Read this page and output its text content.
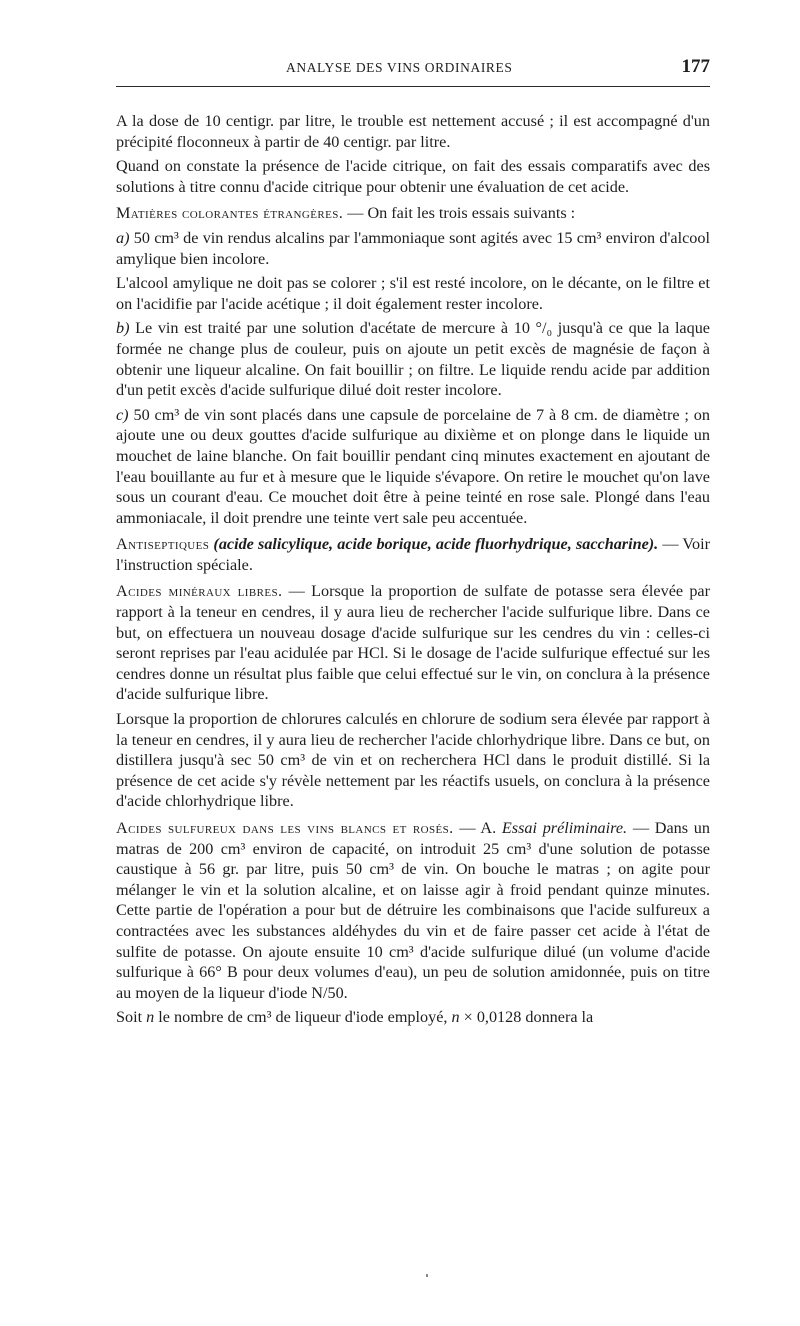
ANALYSE DES VINS ORDINAIRES	177

A la dose de 10 centigr. par litre, le trouble est nettement accusé ; il est accompagné d'un précipité floconneux à partir de 40 centigr. par litre.

Quand on constate la présence de l'acide citrique, on fait des essais comparatifs avec des solutions à titre connu d'acide citrique pour obtenir une évaluation de cet acide.

Matières colorantes étrangères. — On fait les trois essais suivants :

a) 50 cm³ de vin rendus alcalins par l'ammoniaque sont agités avec 15 cm³ environ d'alcool amylique bien incolore.

L'alcool amylique ne doit pas se colorer ; s'il est resté incolore, on le décante, on le filtre et on l'acidifie par l'acide acétique ; il doit également rester incolore.

b) Le vin est traité par une solution d'acétate de mercure à 10 °/₀ jusqu'à ce que la laque formée ne change plus de couleur, puis on ajoute un petit excès de magnésie de façon à obtenir une liqueur alcaline. On fait bouillir ; on filtre. Le liquide rendu acide par addition d'un petit excès d'acide sulfurique dilué doit rester incolore.

c) 50 cm³ de vin sont placés dans une capsule de porcelaine de 7 à 8 cm. de diamètre ; on ajoute une ou deux gouttes d'acide sulfurique au dixième et on plonge dans le liquide un mouchet de laine blanche. On fait bouillir pendant cinq minutes exactement en ajoutant de l'eau bouillante au fur et à mesure que le liquide s'évapore. On retire le mouchet qu'on lave sous un courant d'eau. Ce mouchet doit être à peine teinté en rose sale. Plongé dans l'eau ammoniacale, il doit prendre une teinte vert sale peu accentuée.

Antiseptiques (acide salicylique, acide borique, acide fluorhydrique, saccharine). — Voir l'instruction spéciale.

Acides minéraux libres. — Lorsque la proportion de sulfate de potasse sera élevée par rapport à la teneur en cendres, il y aura lieu de rechercher l'acide sulfurique libre. Dans ce but, on effectuera un nouveau dosage d'acide sulfurique sur les cendres du vin : celles-ci seront reprises par l'eau acidulée par HCl. Si le dosage de l'acide sulfurique effectué sur les cendres donne un résultat plus faible que celui effectué sur le vin, on conclura à la présence d'acide sulfurique libre.

Lorsque la proportion de chlorures calculés en chlorure de sodium sera élevée par rapport à la teneur en cendres, il y aura lieu de rechercher l'acide chlorhydrique libre. Dans ce but, on distillera jusqu'à sec 50 cm³ de vin et on recherchera HCl dans le produit distillé. Si la présence de cet acide s'y révèle nettement par les réactifs usuels, on conclura à la présence d'acide chlorhydrique libre.

Acides sulfureux dans les vins blancs et rosés. — A. Essai préliminaire. — Dans un matras de 200 cm³ environ de capacité, on introduit 25 cm³ d'une solution de potasse caustique à 56 gr. par litre, puis 50 cm³ de vin. On bouche le matras ; on agite pour mélanger le vin et la solution alcaline, et on laisse agir à froid pendant quinze minutes. Cette partie de l'opération a pour but de détruire les combinaisons que l'acide sulfureux a contractées avec les substances aldéhydes du vin et de faire passer cet acide à l'état de sulfite de potasse. On ajoute ensuite 10 cm³ d'acide sulfurique dilué (un volume d'acide sulfurique à 66° B pour deux volumes d'eau), un peu de solution amidonnée, puis on titre au moyen de la liqueur d'iode N/50.

Soit n le nombre de cm³ de liqueur d'iode employé, n × 0,0128 donnera la
